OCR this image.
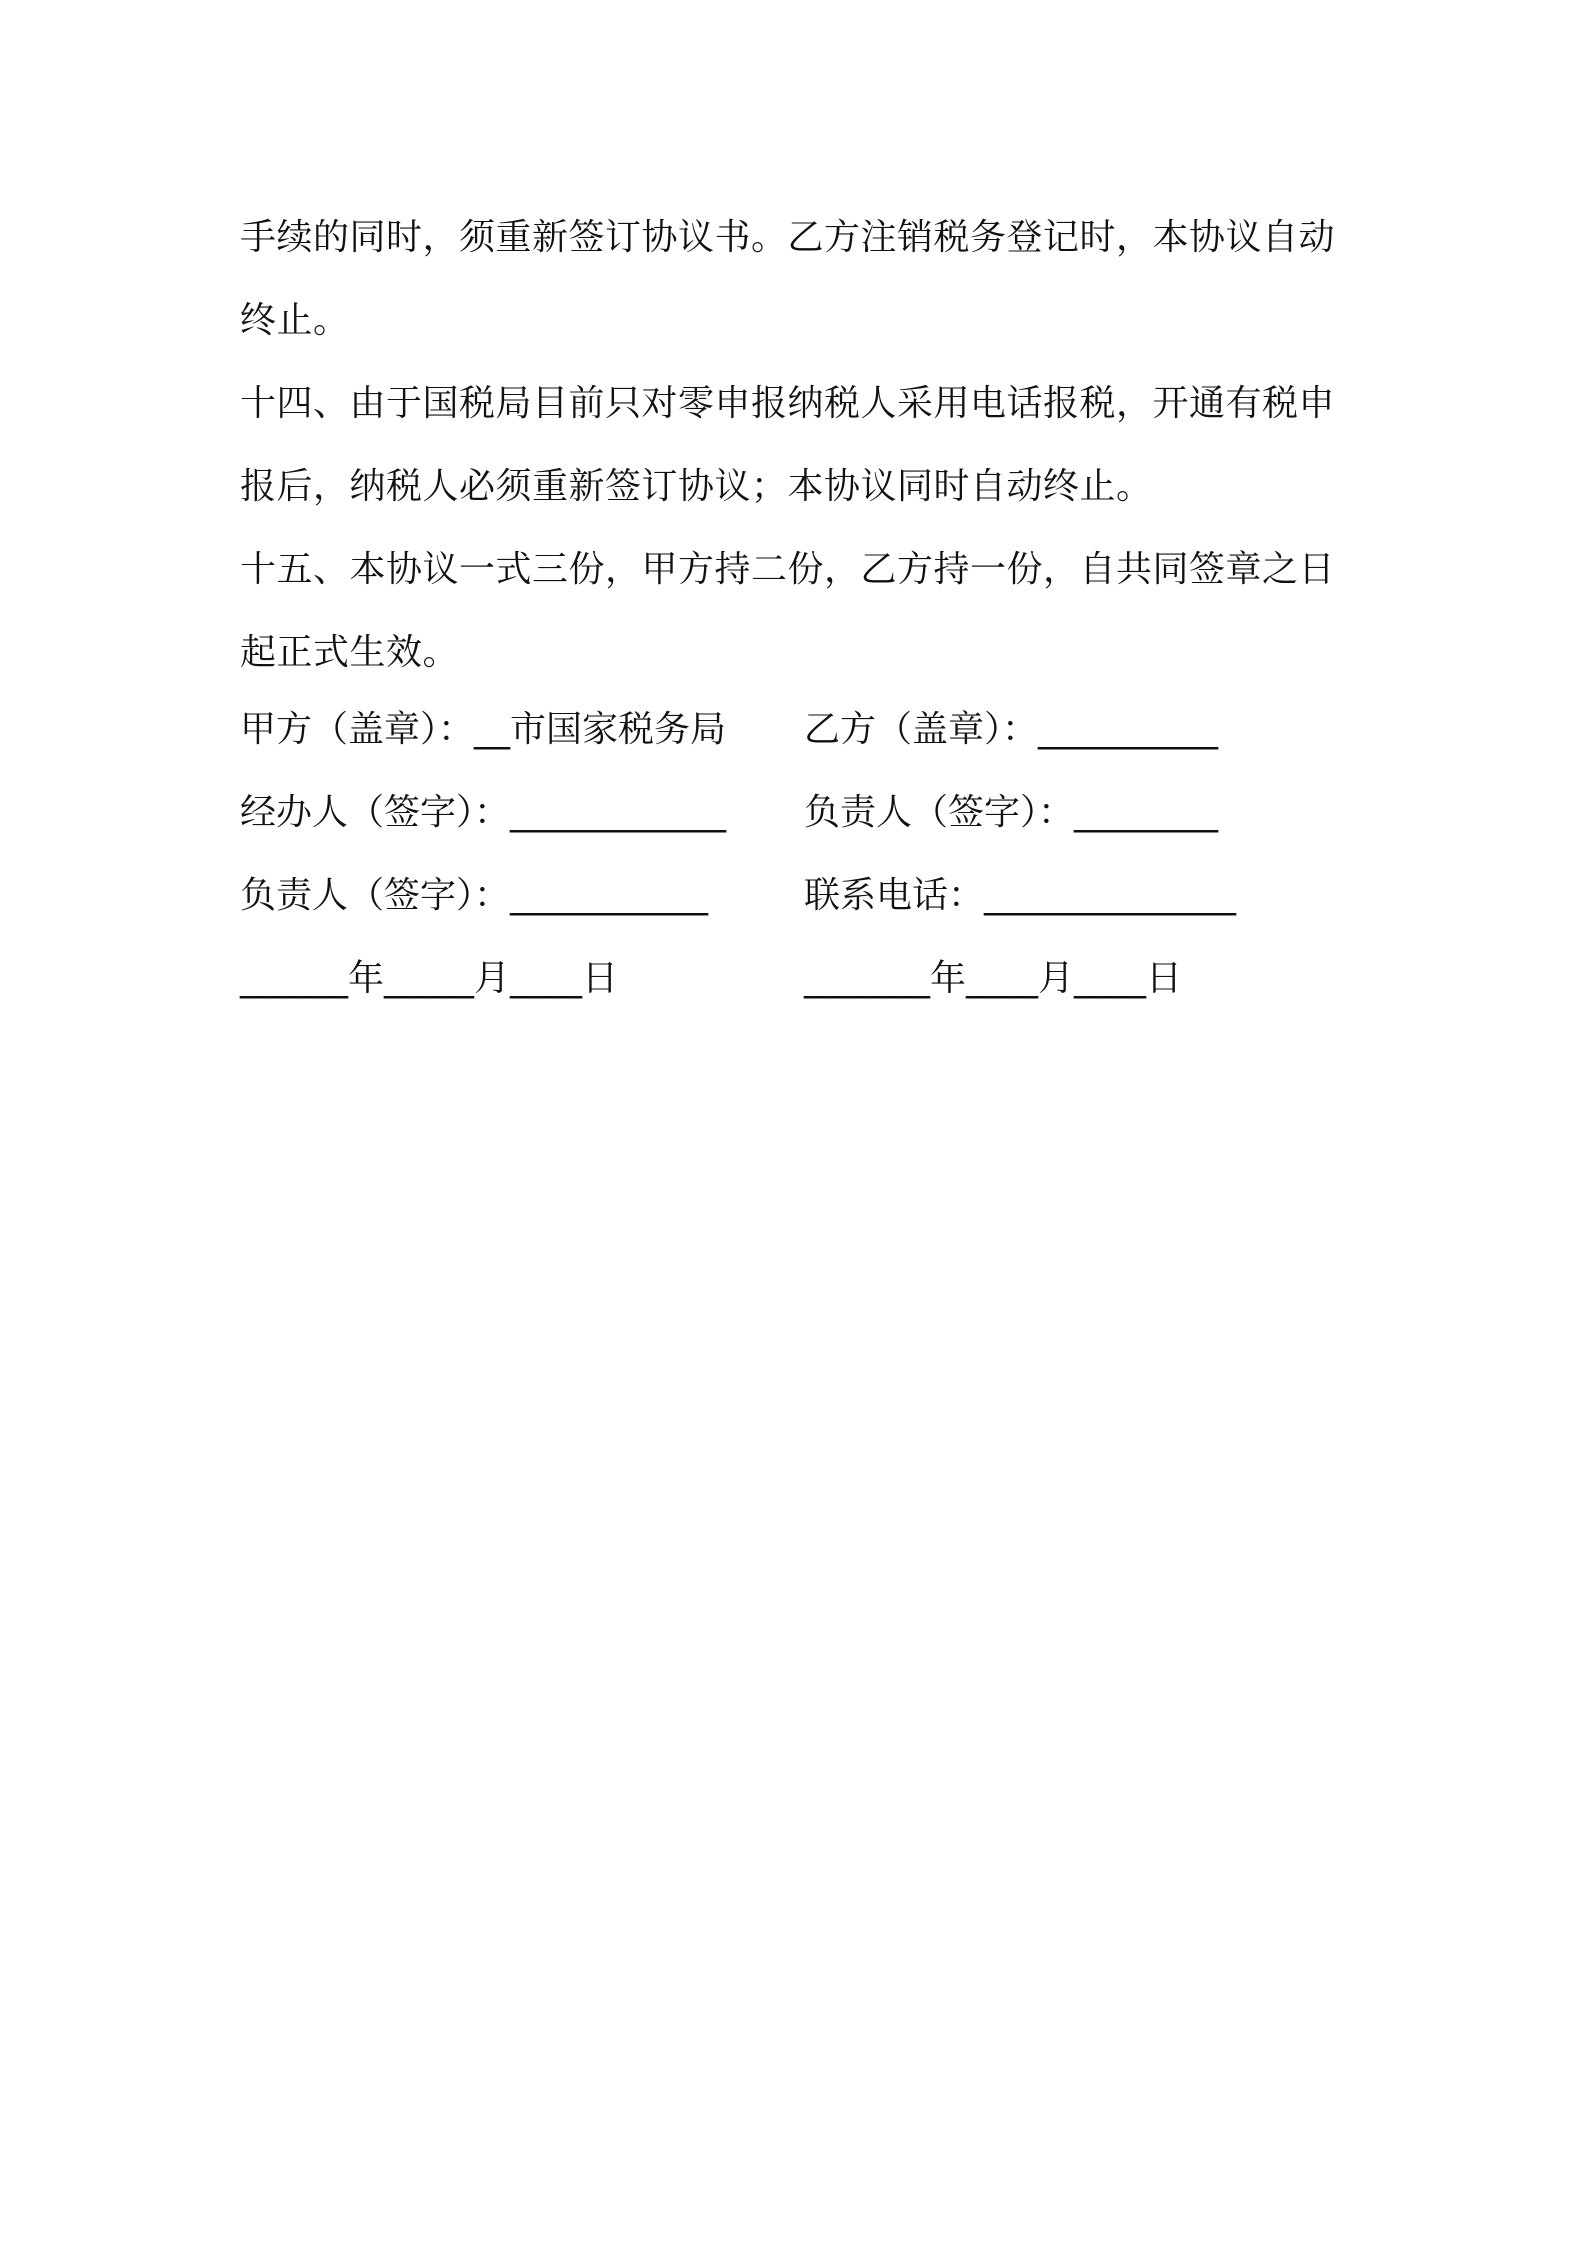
手续的同时，须重新签订协议书。乙方注销税务登记时，本协议自动终止。

十四、由于国税局目前只对零申报纳税人采用电话报税，开通有税申报后，纳税人必须重新签订协议；本协议同时自动终止。

十五、本协议一式三份，甲方持二份，乙方持一份，自共同签章之日起正式生效。

甲方（盖章）：__市国家税务局 乙方（盖章）：__________
经办人（签字）：____________ 负责人（签字）：________
负责人（签字）：___________	联系电话：______________
______年_____月____日	_______年____月____日
